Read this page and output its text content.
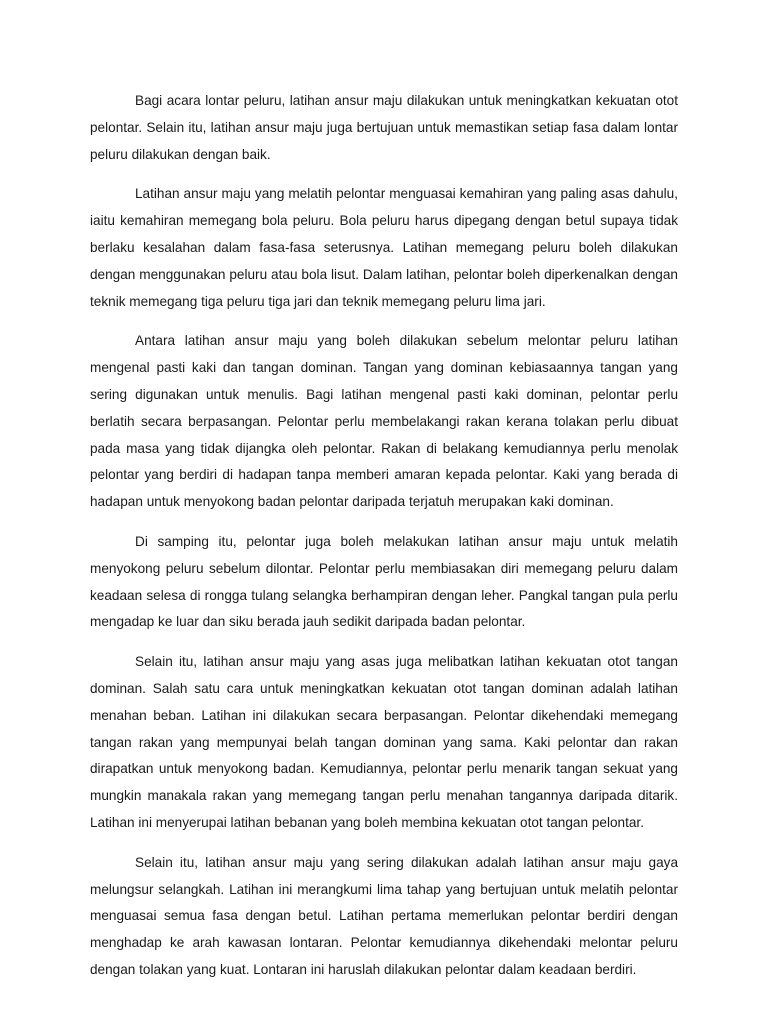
Bagi acara lontar peluru, latihan ansur maju dilakukan untuk meningkatkan kekuatan otot pelontar. Selain itu, latihan ansur maju juga bertujuan untuk memastikan setiap fasa dalam lontar peluru dilakukan dengan baik.

Latihan ansur maju yang melatih pelontar menguasai kemahiran yang paling asas dahulu, iaitu kemahiran memegang bola peluru. Bola peluru harus dipegang dengan betul supaya tidak berlaku kesalahan dalam fasa-fasa seterusnya. Latihan memegang peluru boleh dilakukan dengan menggunakan peluru atau bola lisut. Dalam latihan, pelontar boleh diperkenalkan dengan teknik memegang tiga peluru tiga jari dan teknik memegang peluru lima jari.

Antara latihan ansur maju yang boleh dilakukan sebelum melontar peluru latihan mengenal pasti kaki dan tangan dominan. Tangan yang dominan kebiasaannya tangan yang sering digunakan untuk menulis. Bagi latihan mengenal pasti kaki dominan, pelontar perlu berlatih secara berpasangan. Pelontar perlu membelakangi rakan kerana tolakan perlu dibuat pada masa yang tidak dijangka oleh pelontar. Rakan di belakang kemudiannya perlu menolak pelontar yang berdiri di hadapan tanpa memberi amaran kepada pelontar. Kaki yang berada di hadapan untuk menyokong badan pelontar daripada terjatuh merupakan kaki dominan.

Di samping itu, pelontar juga boleh melakukan latihan ansur maju untuk melatih menyokong peluru sebelum dilontar. Pelontar perlu membiasakan diri memegang peluru dalam keadaan selesa di rongga tulang selangka berhampiran dengan leher. Pangkal tangan pula perlu mengadap ke luar dan siku berada jauh sedikit daripada badan pelontar.

Selain itu, latihan ansur maju yang asas juga melibatkan latihan kekuatan otot tangan dominan. Salah satu cara untuk meningkatkan kekuatan otot tangan dominan adalah latihan menahan beban. Latihan ini dilakukan secara berpasangan. Pelontar dikehendaki memegang tangan rakan yang mempunyai belah tangan dominan yang sama. Kaki pelontar dan rakan dirapatkan untuk menyokong badan. Kemudiannya, pelontar perlu menarik tangan sekuat yang mungkin manakala rakan yang memegang tangan perlu menahan tangannya daripada ditarik. Latihan ini menyerupai latihan bebanan yang boleh membina kekuatan otot tangan pelontar.

Selain itu, latihan ansur maju yang sering dilakukan adalah latihan ansur maju gaya melungsur selangkah. Latihan ini merangkumi lima tahap yang bertujuan untuk melatih pelontar menguasai semua fasa dengan betul. Latihan pertama memerlukan pelontar berdiri dengan menghadap ke arah kawasan lontaran. Pelontar kemudiannya dikehendaki melontar peluru dengan tolakan yang kuat. Lontaran ini haruslah dilakukan pelontar dalam keadaan berdiri.
